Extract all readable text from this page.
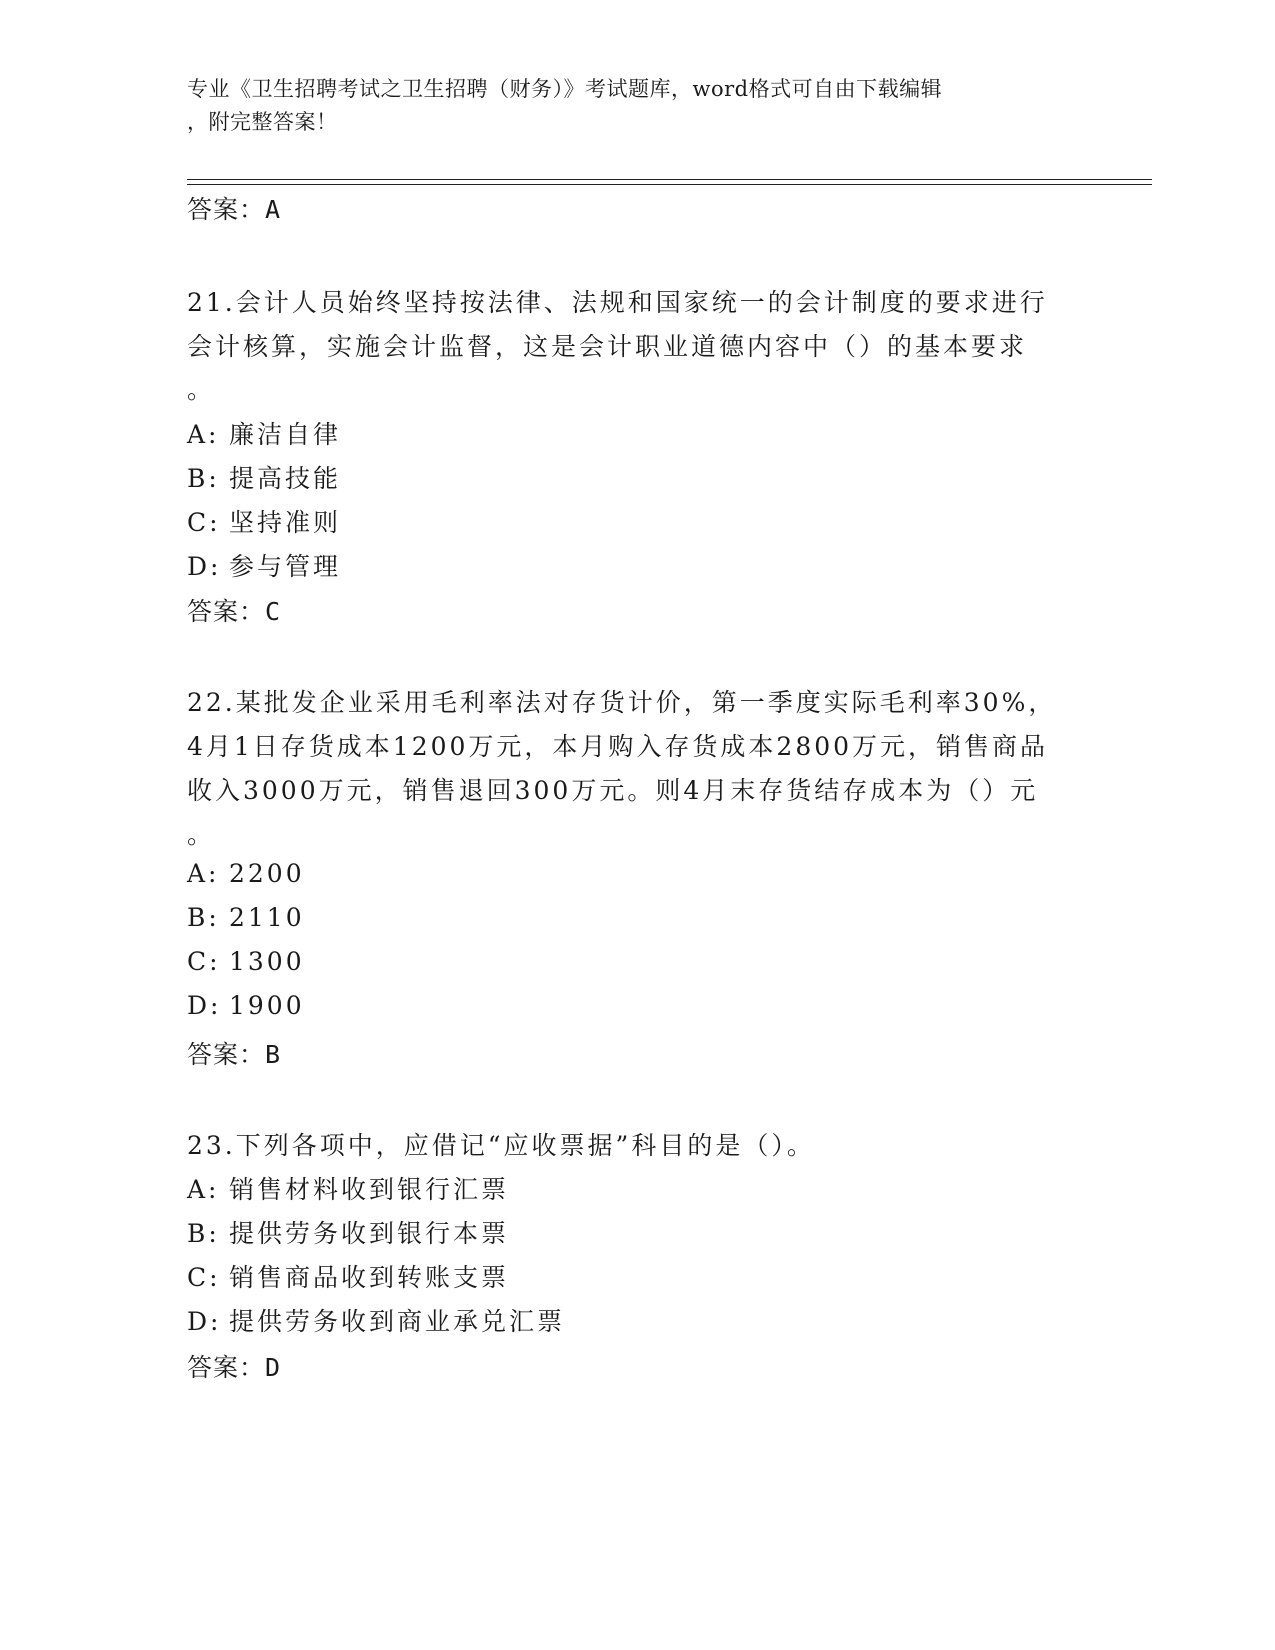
专业《卫生招聘考试之卫生招聘（财务）》考试题库，word格式可自由下载编辑
，附完整答案！
答案：A
21.会计人员始终坚持按法律、法规和国家统一的会计制度的要求进行
会计核算，实施会计监督，这是会计职业道德内容中（）的基本要求
。
A: 廉洁自律
B: 提高技能
C: 坚持准则
D: 参与管理
答案：C
22.某批发企业采用毛利率法对存货计价，第一季度实际毛利率30%，
4月1日存货成本1200万元，本月购入存货成本2800万元，销售商品
收入3000万元，销售退回300万元。则4月末存货结存成本为（）元
。
A: 2200
B: 2110
C: 1300
D: 1900
答案：B
23.下列各项中，应借记“应收票据”科目的是（）。
A: 销售材料收到银行汇票
B: 提供劳务收到银行本票
C: 销售商品收到转账支票
D: 提供劳务收到商业承兑汇票
答案：D
